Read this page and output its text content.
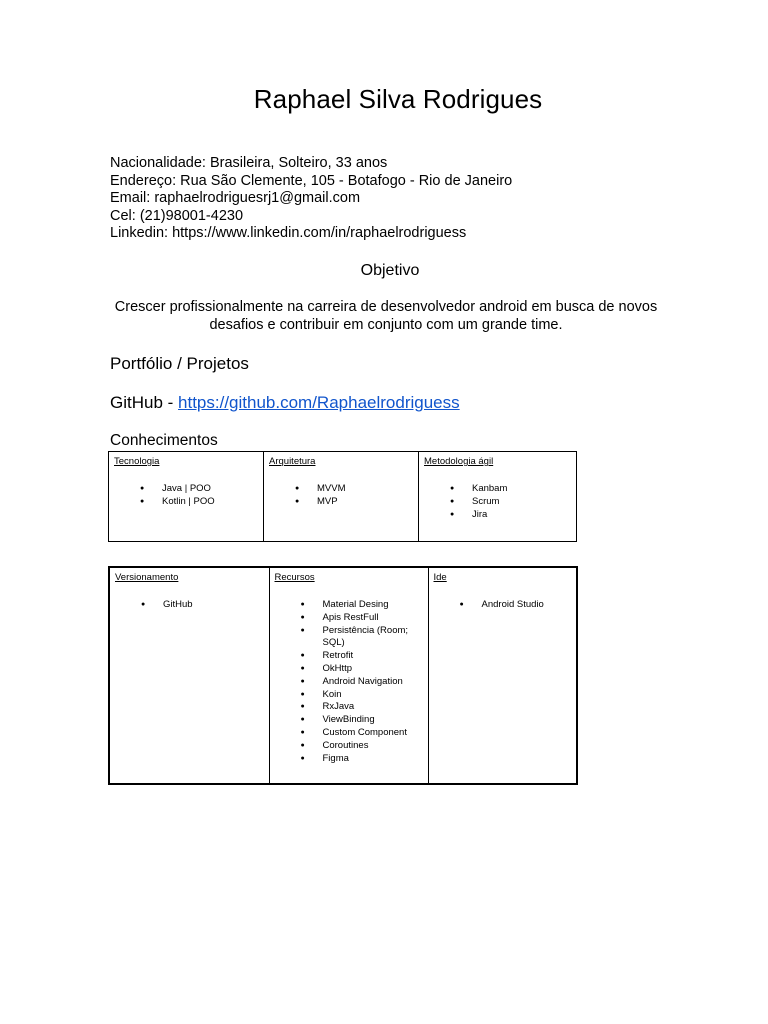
Raphael Silva Rodrigues
Nacionalidade: Brasileira, Solteiro, 33 anos
Endereço: Rua São Clemente, 105 - Botafogo - Rio de Janeiro
Email: raphaelrodriguesrj1@gmail.com
Cel: (21)98001-4230
Linkedin: https://www.linkedin.com/in/raphaelrodriguess
Objetivo
Crescer profissionalmente na carreira de desenvolvedor android em busca de novos desafios e contribuir em conjunto com um grande time.
Portfólio / Projetos
GitHub - https://github.com/Raphaelrodriguess
Conhecimentos
Tecnologia
● Java | POO
● Kotlin | POO

Arquitetura
● MVVM
● MVP

Metodologia ágil
● Kanbam
● Scrum
● Jira
Versionamento
● GitHub

Recursos
● Material Desing
● Apis RestFull
● Persistência (Room; SQL)
● Retrofit
● OkHttp
● Android Navigation
● Koin
● RxJava
● ViewBinding
● Custom Component
● Coroutines
● Figma

Ide
● Android Studio
